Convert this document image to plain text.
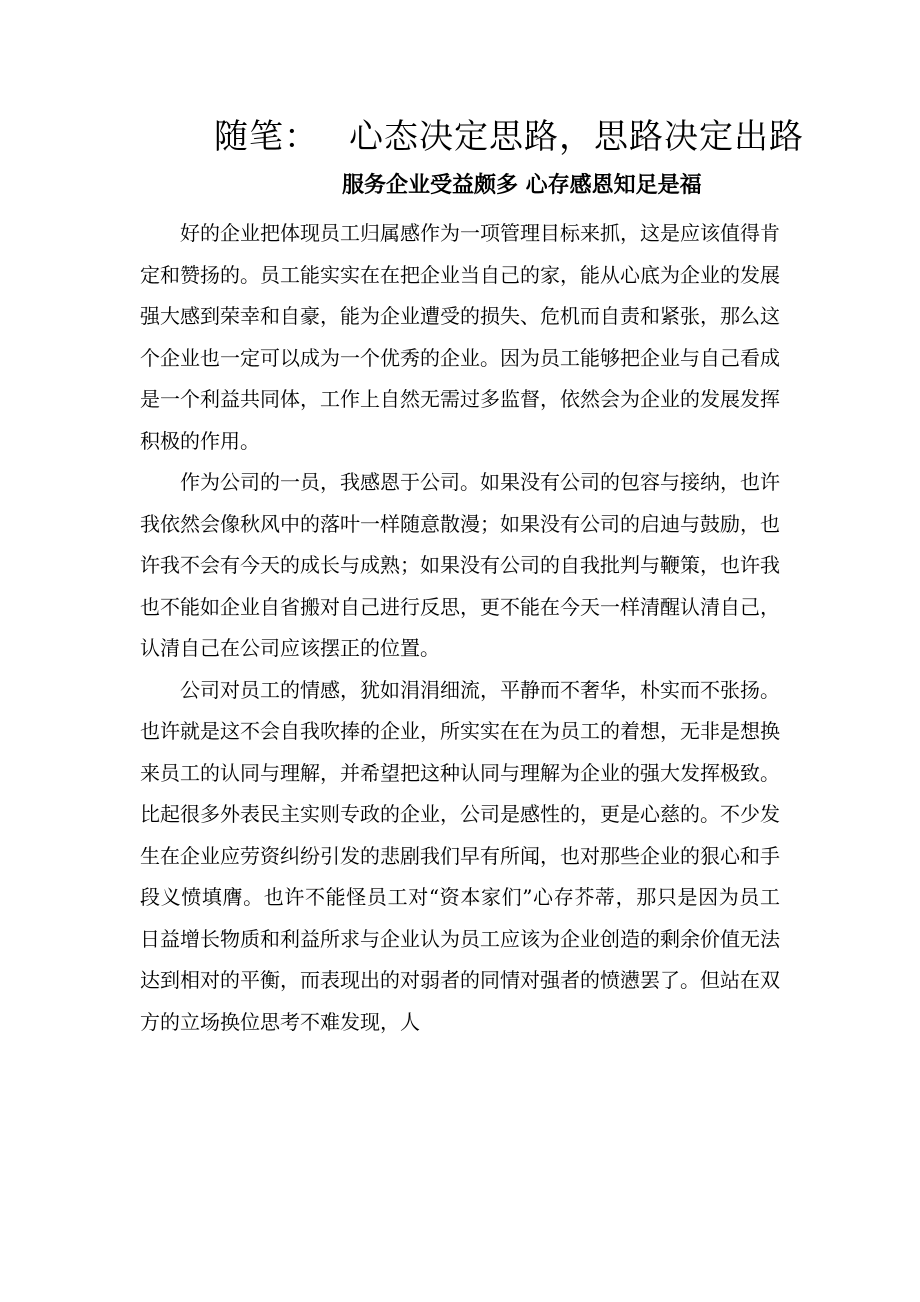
随笔： 心态决定思路，思路决定出路
服务企业受益颇多 心存感恩知足是福

好的企业把体现员工归属感作为一项管理目标来抓，这是应该值得肯定和赞扬的。员工能实实在在把企业当自己的家，能从心底为企业的发展强大感到荣幸和自豪，能为企业遭受的损失、危机而自责和紧张，那么这个企业也一定可以成为一个优秀的企业。因为员工能够把企业与自己看成是一个利益共同体，工作上自然无需过多监督，依然会为企业的发展发挥积极的作用。

作为公司的一员，我感恩于公司。如果没有公司的包容与接纳，也许我依然会像秋风中的落叶一样随意散漫；如果没有公司的启迪与鼓励，也许我不会有今天的成长与成熟；如果没有公司的自我批判与鞭策，也许我也不能如企业自省搬对自己进行反思，更不能在今天一样清醒认清自己，认清自己在公司应该摆正的位置。

公司对员工的情感，犹如涓涓细流，平静而不奢华，朴实而不张扬。也许就是这不会自我吹捧的企业，所实实在在为员工的着想，无非是想换来员工的认同与理解，并希望把这种认同与理解为企业的强大发挥极致。比起很多外表民主实则专政的企业，公司是感性的，更是心慈的。不少发生在企业应劳资纠纷引发的悲剧我们早有所闻，也对那些企业的狠心和手段义愤填膺。也许不能怪员工对“资本家们”心存芥蒂，那只是因为员工日益增长物质和利益所求与企业认为员工应该为企业创造的剩余价值无法达到相对的平衡，而表现出的对弱者的同情对强者的愤懑罢了。但站在双方的立场换位思考不难发现，人
